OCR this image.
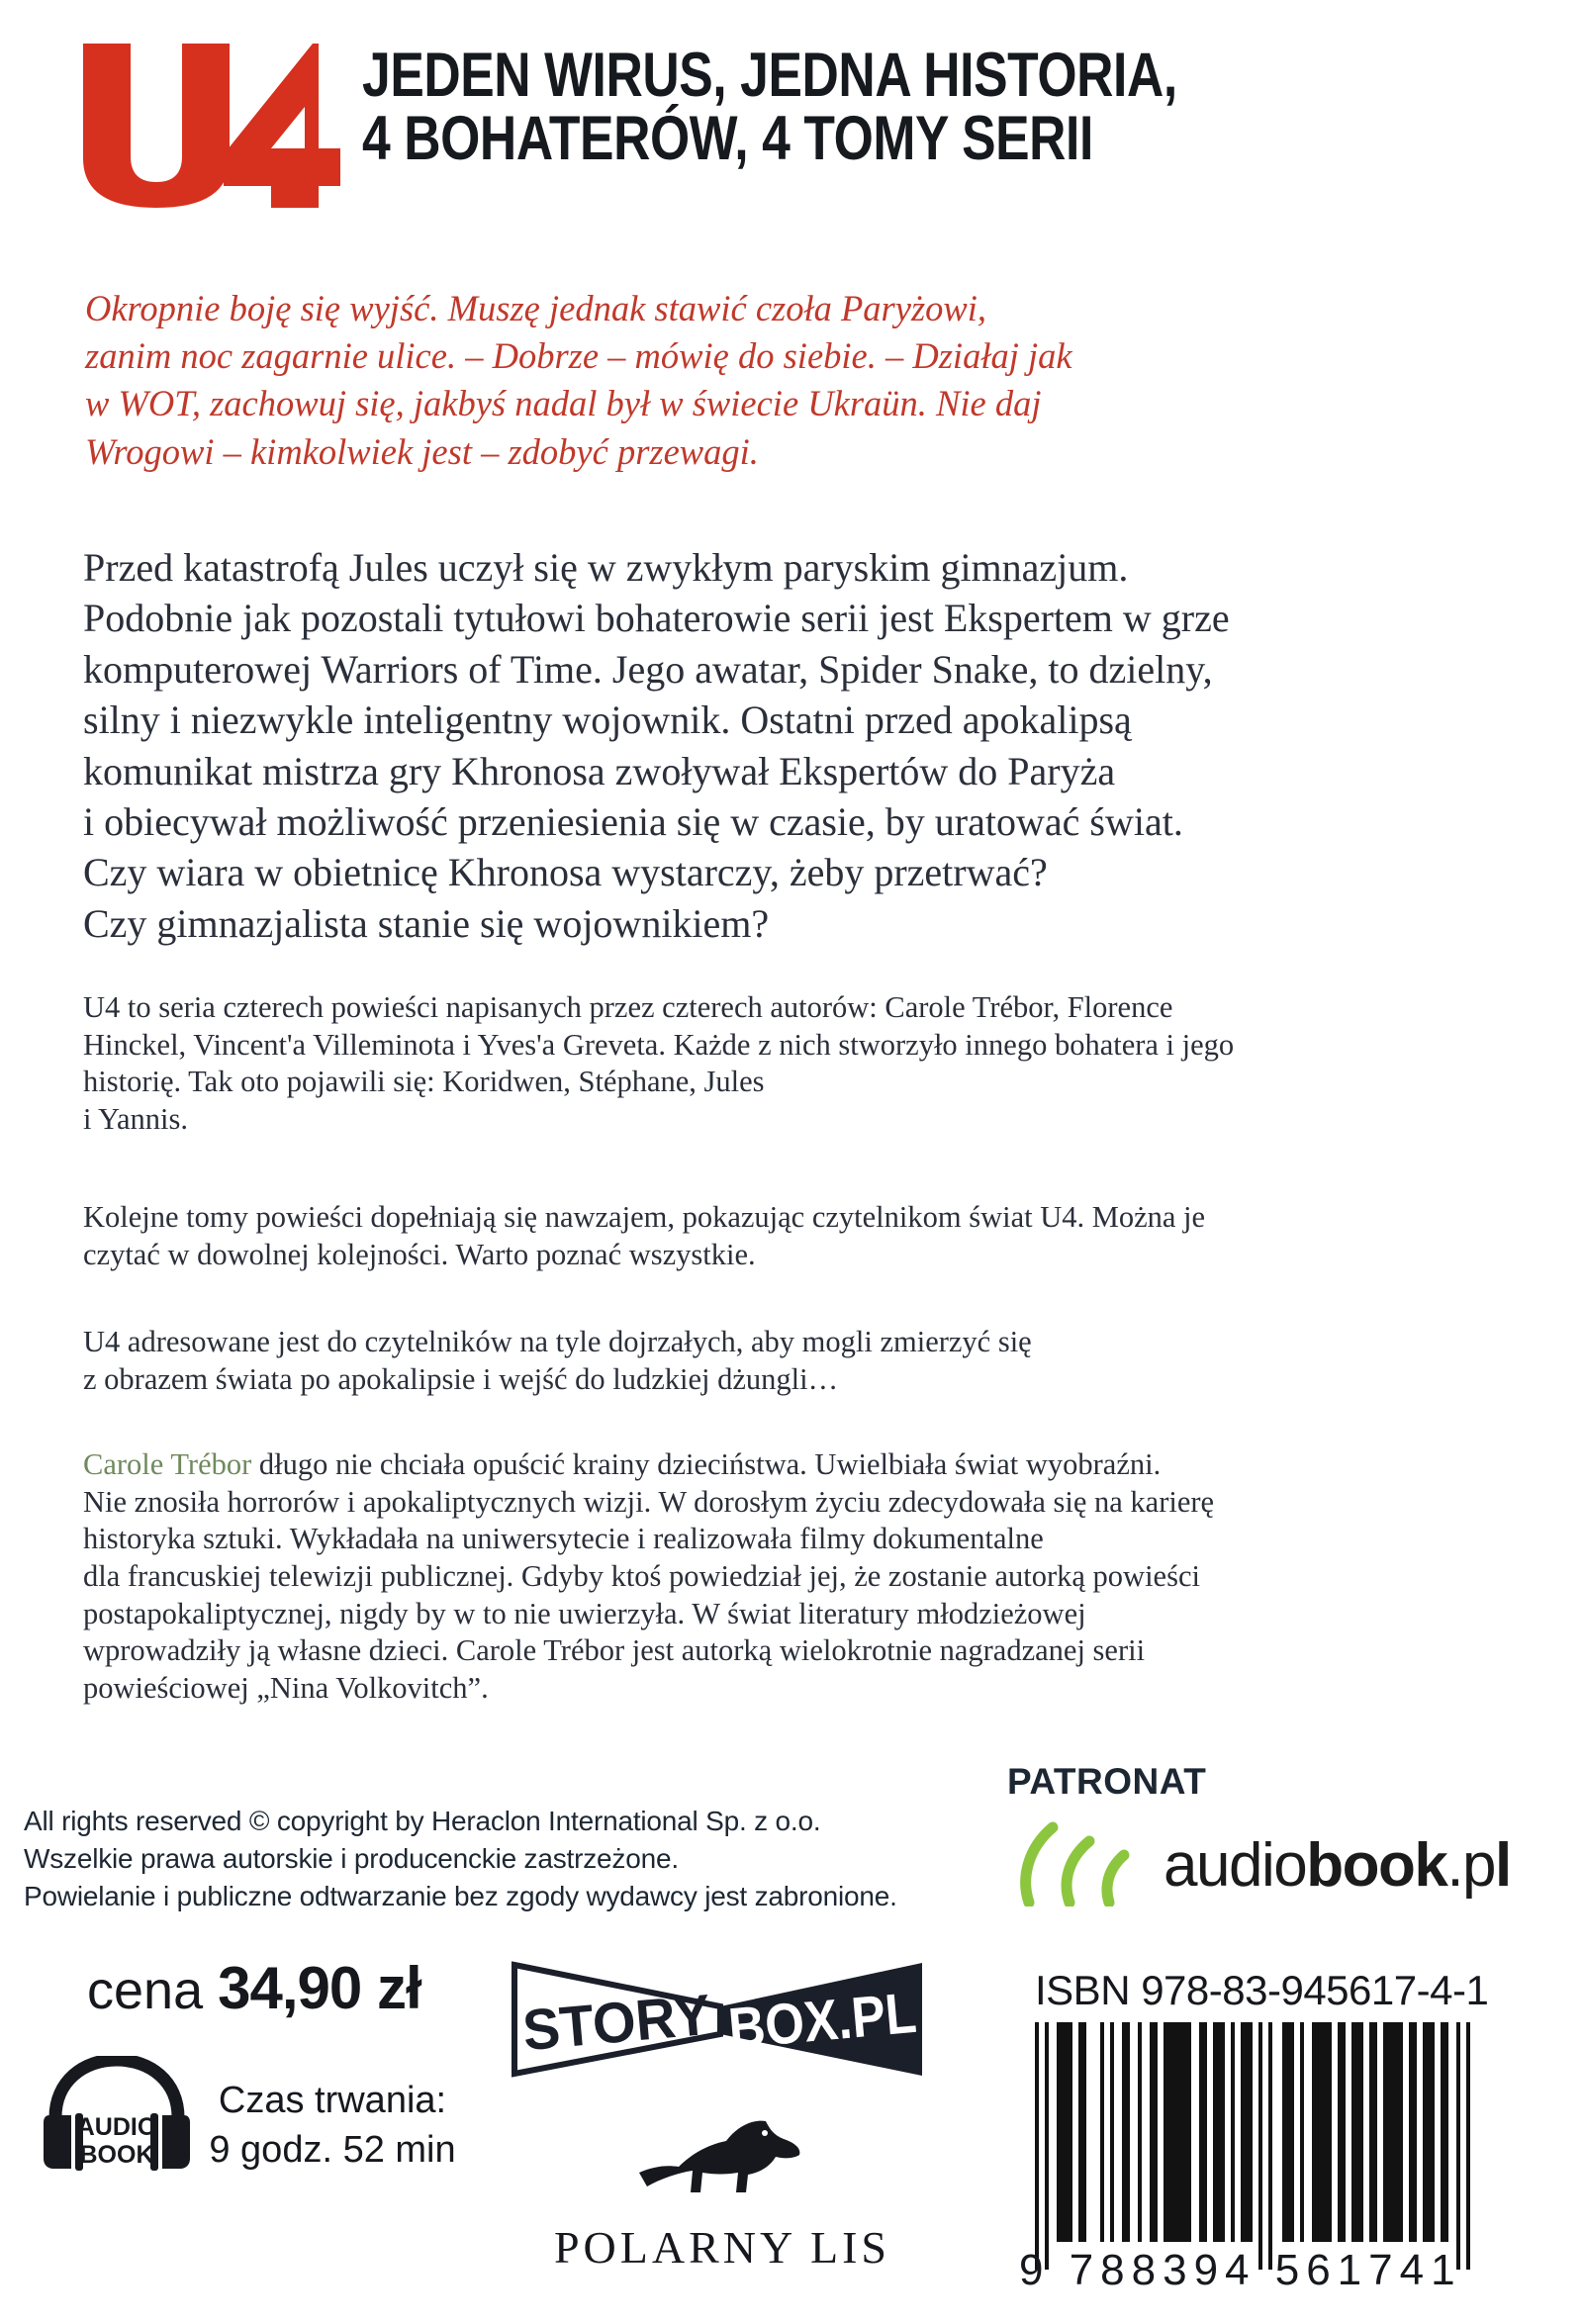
JEDEN WIRUS, JEDNA HISTORIA,
4 BOHATERÓW, 4 TOMY SERII
Okropnie boję się wyjść. Muszę jednak stawić czoła Paryżowi,
zanim noc zagarnie ulice. – Dobrze – mówię do siebie. – Działaj jak
w WOT, zachowuj się, jakbyś nadal był w świecie Ukraün. Nie daj
Wrogowi – kimkolwiek jest – zdobyć przewagi.
Przed katastrofą Jules uczył się w zwykłym paryskim gimnazjum.
Podobnie jak pozostali tytułowi bohaterowie serii jest Ekspertem w grze
komputerowej Warriors of Time. Jego awatar, Spider Snake, to dzielny,
silny i niezwykle inteligentny wojownik. Ostatni przed apokalipsą
komunikat mistrza gry Khronosa zwoływał Ekspertów do Paryża
i obiecywał możliwość przeniesienia się w czasie, by uratować świat.
Czy wiara w obietnicę Khronosa wystarczy, żeby przetrwać?
Czy gimnazjalista stanie się wojownikiem?
U4 to seria czterech powieści napisanych przez czterech autorów: Carole Trébor, Florence
Hinckel, Vincent'a Villeminota i Yves'a Greveta. Każde z nich stworzyło innego bohatera i jego
historię. Tak oto pojawili się: Koridwen, Stéphane, Jules
i Yannis.
Kolejne tomy powieści dopełniają się nawzajem, pokazując czytelnikom świat U4. Można je
czytać w dowolnej kolejności. Warto poznać wszystkie.
U4 adresowane jest do czytelników na tyle dojrzałych, aby mogli zmierzyć się
z obrazem świata po apokalipsie i wejść do ludzkiej dżungli…
Carole Trébor długo nie chciała opuścić krainy dzieciństwa. Uwielbiała świat wyobraźni.
Nie znosiła horrorów i apokaliptycznych wizji. W dorosłym życiu zdecydowała się na karierę
historyka sztuki. Wykładała na uniwersytecie i realizowała filmy dokumentalne
dla francuskiej telewizji publicznej. Gdyby ktoś powiedział jej, że zostanie autorką powieści
postapokaliptycznej, nigdy by w to nie uwierzyła. W świat literatury młodzieżowej
wprowadziły ją własne dzieci. Carole Trébor jest autorką wielokrotnie nagradzanej serii
powieściowej „Nina Volkovitch”.
All rights reserved © copyright by Heraclon International Sp. z o.o.
Wszelkie prawa autorskie i producenckie zastrzeżone.
Powielanie i publiczne odtwarzanie bez zgody wydawcy jest zabronione.
PATRONAT
audiobook.pl
cena 34,90 zł
AUDIO
BOOK
Czas trwania:
9 godz. 52 min
STORY BOX.PL
POLARNY LIS
ISBN 978-83-945617-4-1
9 788394 561741
